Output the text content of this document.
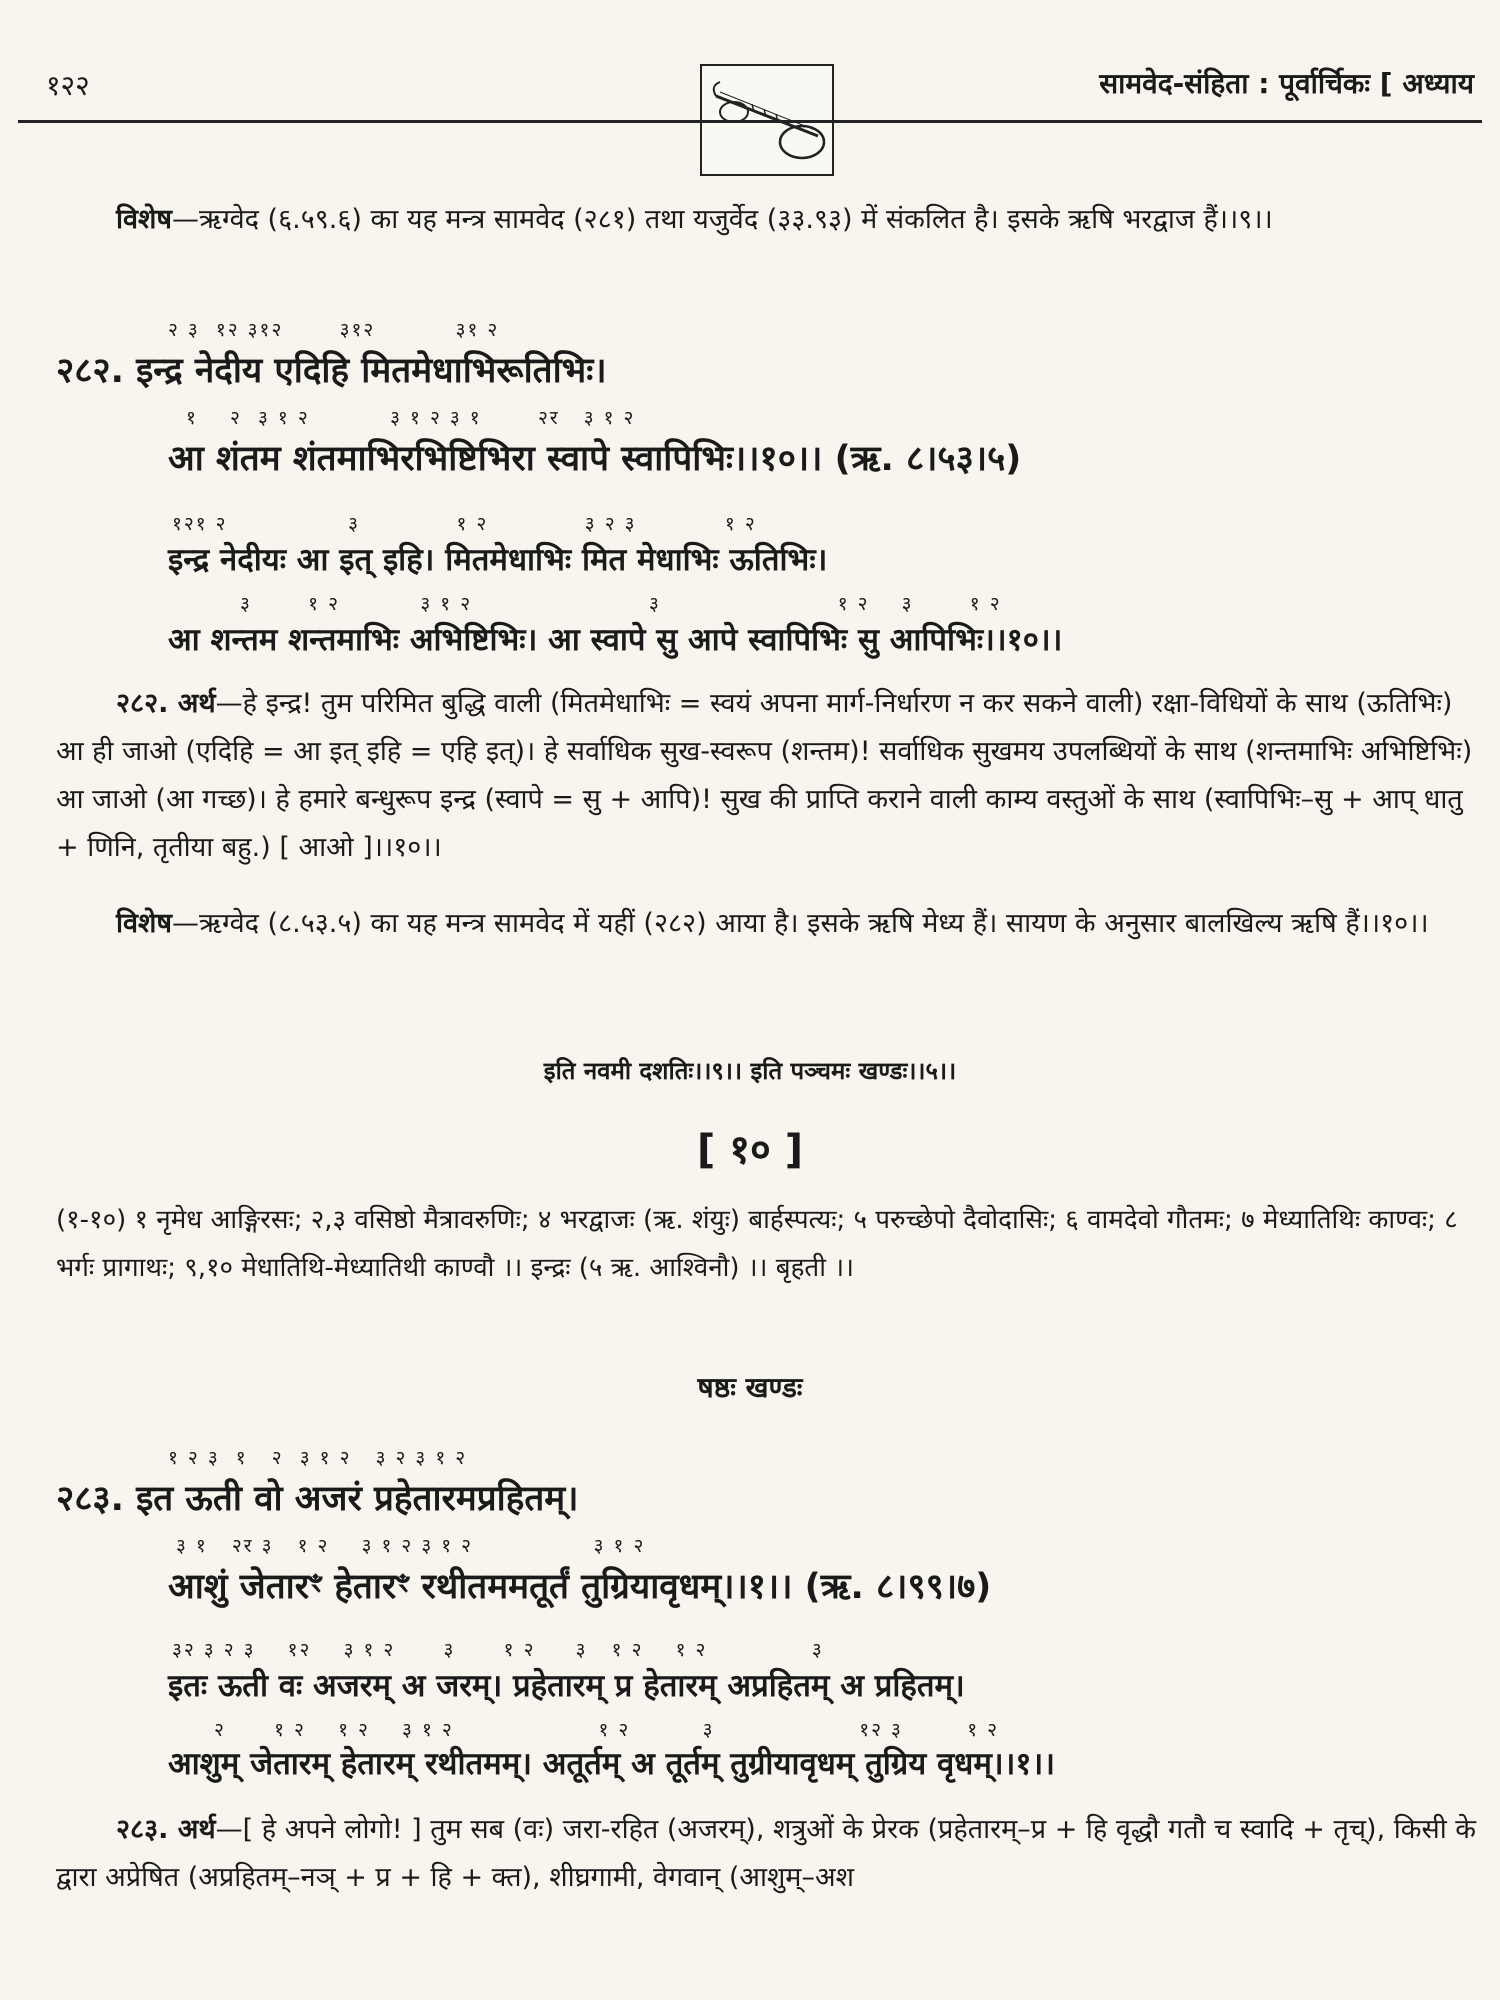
१२२	सामवेद-संहिता : पूर्वार्चिकः [ अध्याय
विशेष—ऋग्वेद (६.५९.६) का यह मन्त्र सामवेद (२८१) तथा यजुर्वेद (३३.९३) में संकलित है। इसके ऋषि भरद्वाज हैं।।९।।
२ ३  १२ ३१२       ३१२          ३१ २
२८२. इन्द्र नेदीय एदिहि मितमेधाभिरूतिभिः।
१    २  ३ १ २          ३ १ २ ३ १       २र   ३ १ २
आ शंतम शंतमाभिरभिष्टिभिरा स्वापे स्वापिभिः।।१०।। (ऋ. ८।५३।५)
१२१ २               ३            १ २            ३ २ ३           १ २
इन्द्र नेदीयः आ इत् इहि। मितमेधाभिः मित मेधाभिः ऊतिभिः।
३       १ २          ३ १ २                      ३                      १ २    ३       १ २
आ शन्तम शन्तमाभिः अभिष्टिभिः। आ स्वापे सु आपे स्वापिभिः सु आपिभिः।।१०।।
२८२. अर्थ—हे इन्द्र! तुम परिमित बुद्धि वाली (मितमेधाभिः = स्वयं अपना मार्ग-निर्धारण न कर सकने वाली) रक्षा-विधियों के साथ (ऊतिभिः) आ ही जाओ (एदिहि = आ इत् इहि = एहि इत्)। हे सर्वाधिक सुख-स्वरूप (शन्तम)! सर्वाधिक सुखमय उपलब्धियों के साथ (शन्तमाभिः अभिष्टिभिः) आ जाओ (आ गच्छ)। हे हमारे बन्धुरूप इन्द्र (स्वापे = सु + आपि)! सुख की प्राप्ति कराने वाली काम्य वस्तुओं के साथ (स्वापिभिः–सु + आप् धातु + णिनि, तृतीया बहु.) [ आओ ]।।१०।।
विशेष—ऋग्वेद (८.५३.५) का यह मन्त्र सामवेद में यहीं (२८२) आया है। इसके ऋषि मेध्य हैं। सायण के अनुसार बालखिल्य ऋषि हैं।।१०।।
इति नवमी दशतिः।।९।। इति पञ्चमः खण्डः।।५।।
[ १० ]
(१-१०) १ नृमेध आङ्गिरसः; २,३ वसिष्ठो मैत्रावरुणिः; ४ भरद्वाजः (ऋ. शंयुः) बार्हस्पत्यः; ५ परुच्छेपो दैवोदासिः; ६ वामदेवो गौतमः; ७ मेध्यातिथिः काण्वः; ८ भर्गः प्रागाथः; ९,१० मेधातिथि-मेध्यातिथी काण्वौ ।। इन्द्रः (५ ऋ. आश्विनौ) ।। बृहती ।।
षष्ठः खण्डः
१ २ ३  १   २  ३ १ २   ३ २ ३ १ २
२८३. इत ऊती वो अजरं प्रहेतारमप्रहितम्।
३ १   २र ३   १ २    ३ १ २ ३ १ २               ३ १ २
आशुं जेतारꣳ हेतारꣳ रथीतममतूर्तं तुग्रियावृधम्।।१।। (ऋ. ८।९९।७)
३२ ३ २ ३    १२    ३ १ २      ३      १ २     ३   १ २    १ २             ३
इतः ऊती वः अजरम् अ जरम्। प्रहेतारम् प्र हेतारम् अप्रहितम् अ प्रहितम्।
२      १ २    १ २    ३ १ २                  १ २         ३                  १२ ३        १ २
आशुम् जेतारम् हेतारम् रथीतमम्। अतूर्तम् अ तूर्तम् तुग्रीयावृधम् तुग्रिय वृधम्।।१।।
२८३. अर्थ—[ हे अपने लोगो! ] तुम सब (वः) जरा-रहित (अजरम्), शत्रुओं के प्रेरक (प्रहेतारम्–प्र + हि वृद्धौ गतौ च स्वादि + तृच्), किसी के द्वारा अप्रेषित (अप्रहितम्–नञ् + प्र + हि + क्त), शीघ्रगामी, वेगवान् (आशुम्–अश
